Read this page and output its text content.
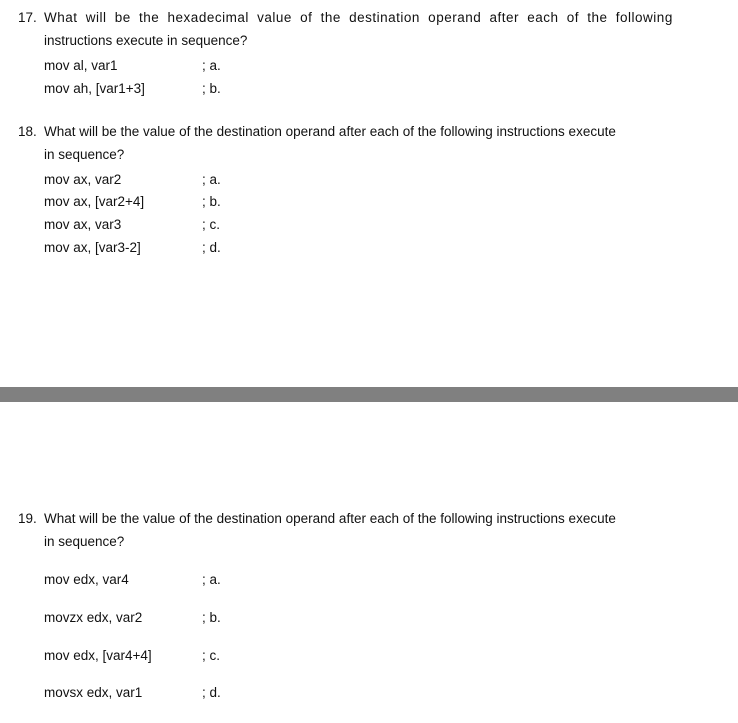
17. What will be the hexadecimal value of the destination operand after each of the following
instructions execute in sequence?
mov al, var1	; a.
mov ah, [var1+3]	; b.
18. What will be the value of the destination operand after each of the following instructions execute
in sequence?
mov ax, var2	; a.
mov ax, [var2+4]	; b.
mov ax, var3	; c.
mov ax, [var3-2]	; d.
19. What will be the value of the destination operand after each of the following instructions execute
in sequence?
mov edx, var4	; a.
movzx edx, var2	; b.
mov edx, [var4+4]	; c.
movsx edx, var1	; d.
